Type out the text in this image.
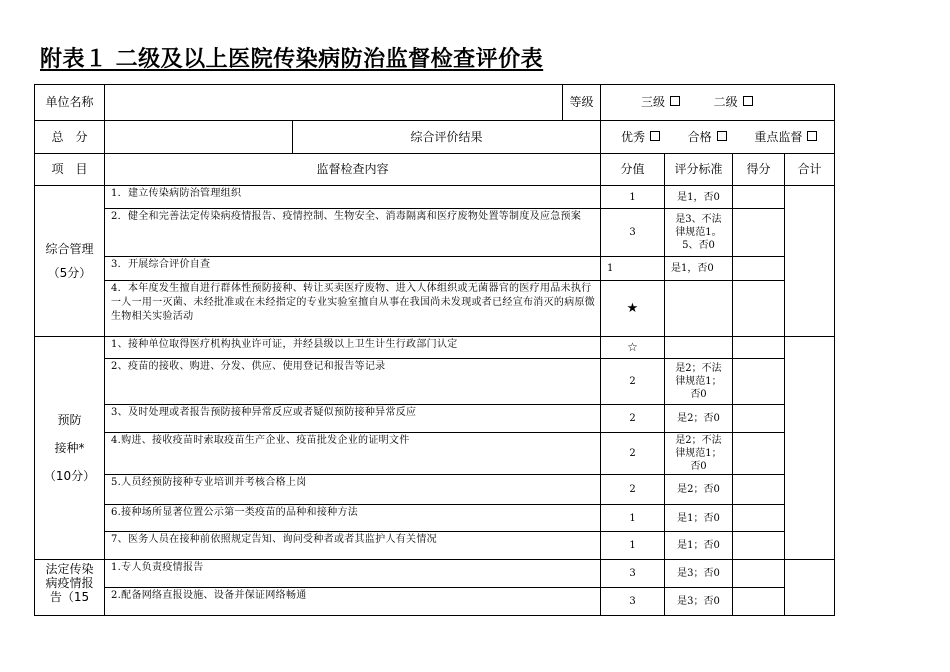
附表１ 二级及以上医院传染病防治监督检查评价表
单位名称			等级	三级 二级			
总　分		综合评价结果		优秀 合格 重点监督			
项　目	监督检查内容			分值	评分标准	得分	合计

综合管理
（5分）	1．建立传染病防治管理组织			1	是1，否0		
	2．健全和完善法定传染病疫情报告、疫情控制、生物安全、消毒隔离和医疗废物处置等制度及应急预案			3	是3、不法律规范1。5、否0		
	3．开展综合评价自查			1	是1，否0		
	4．本年度发生擅自进行群体性预防接种、转让买卖医疗废物、进入人体组织或无菌器官的医疗用品未执行一人一用一灭菌、未经批准或在未经指定的专业实验室擅自从事在我国尚未发现或者已经宣布消灭的病原微生物相关实验活动			★			

预防
接种*
（10分）	1、接种单位取得医疗机构执业许可证，并经县级以上卫生计生行政部门认定			☆			
	2、疫苗的接收、购进、分发、供应、使用登记和报告等记录			2	是2；不法律规范1；否0		
	3、及时处理或者报告预防接种异常反应或者疑似预防接种异常反应			2	是2；否0		
	4.购进、接收疫苗时索取疫苗生产企业、疫苗批发企业的证明文件			2	是2；不法律规范1；否0		
	5.人员经预防接种专业培训并考核合格上岗			2	是2；否0		
	6.接种场所显著位置公示第一类疫苗的品种和接种方法			1	是1；否0		
	7、医务人员在接种前依照规定告知、询问受种者或者其监护人有关情况			1	是1；否0		

法定传染
病疫情报
告（15	1.专人负责疫情报告			3	是3；否0		
	2.配备网络直报设施、设备并保证网络畅通			3	是3；否0		
